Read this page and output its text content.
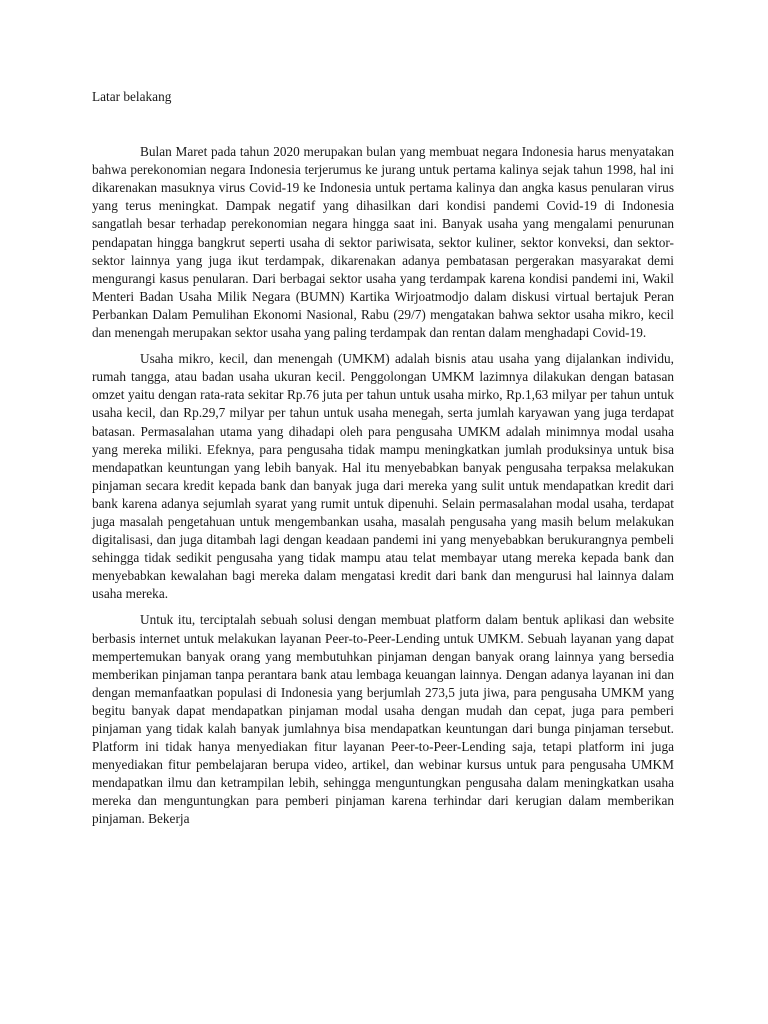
Latar belakang

Bulan Maret pada tahun 2020 merupakan bulan yang membuat negara Indonesia harus menyatakan bahwa perekonomian negara Indonesia terjerumus ke jurang untuk pertama kalinya sejak tahun 1998, hal ini dikarenakan masuknya virus Covid-19 ke Indonesia untuk pertama kalinya dan angka kasus penularan virus yang terus meningkat. Dampak negatif yang dihasilkan dari kondisi pandemi Covid-19 di Indonesia sangatlah besar terhadap perekonomian negara hingga saat ini. Banyak usaha yang mengalami penurunan pendapatan hingga bangkrut seperti usaha di sektor pariwisata, sektor kuliner, sektor konveksi, dan sektor-sektor lainnya yang juga ikut terdampak, dikarenakan adanya pembatasan pergerakan masyarakat demi mengurangi kasus penularan. Dari berbagai sektor usaha yang terdampak karena kondisi pandemi ini, Wakil Menteri Badan Usaha Milik Negara (BUMN) Kartika Wirjoatmodjo dalam diskusi virtual bertajuk Peran Perbankan Dalam Pemulihan Ekonomi Nasional, Rabu (29/7) mengatakan bahwa sektor usaha mikro, kecil dan menengah merupakan sektor usaha yang paling terdampak dan rentan dalam menghadapi Covid-19.

Usaha mikro, kecil, dan menengah (UMKM) adalah bisnis atau usaha yang dijalankan individu, rumah tangga, atau badan usaha ukuran kecil. Penggolongan UMKM lazimnya dilakukan dengan batasan omzet yaitu dengan rata-rata sekitar Rp.76 juta per tahun untuk usaha mirko, Rp.1,63 milyar per tahun untuk usaha kecil, dan Rp.29,7 milyar per tahun untuk usaha menegah, serta jumlah karyawan yang juga terdapat batasan. Permasalahan utama yang dihadapi oleh para pengusaha UMKM adalah minimnya modal usaha yang mereka miliki. Efeknya, para pengusaha tidak mampu meningkatkan jumlah produksinya untuk bisa mendapatkan keuntungan yang lebih banyak. Hal itu menyebabkan banyak pengusaha terpaksa melakukan pinjaman secara kredit kepada bank dan banyak juga dari mereka yang sulit untuk mendapatkan kredit dari bank karena adanya sejumlah syarat yang rumit untuk dipenuhi. Selain permasalahan modal usaha, terdapat juga masalah pengetahuan untuk mengembankan usaha, masalah pengusaha yang masih belum melakukan digitalisasi, dan juga ditambah lagi dengan keadaan pandemi ini yang menyebabkan berukurangnya pembeli sehingga tidak sedikit pengusaha yang tidak mampu atau telat membayar utang mereka kepada bank dan menyebabkan kewalahan bagi mereka dalam mengatasi kredit dari bank dan mengurusi hal lainnya dalam usaha mereka.

Untuk itu, terciptalah sebuah solusi dengan membuat platform dalam bentuk aplikasi dan website berbasis internet untuk melakukan layanan Peer-to-Peer-Lending untuk UMKM. Sebuah layanan yang dapat mempertemukan banyak orang yang membutuhkan pinjaman dengan banyak orang lainnya yang bersedia memberikan pinjaman tanpa perantara bank atau lembaga keuangan lainnya. Dengan adanya layanan ini dan dengan memanfaatkan populasi di Indonesia yang berjumlah 273,5 juta jiwa, para pengusaha UMKM yang begitu banyak dapat mendapatkan pinjaman modal usaha dengan mudah dan cepat, juga para pemberi pinjaman yang tidak kalah banyak jumlahnya bisa mendapatkan keuntungan dari bunga pinjaman tersebut. Platform ini tidak hanya menyediakan fitur layanan Peer-to-Peer-Lending saja, tetapi platform ini juga menyediakan fitur pembelajaran berupa video, artikel, dan webinar kursus untuk para pengusaha UMKM mendapatkan ilmu dan ketrampilan lebih, sehingga menguntungkan pengusaha dalam meningkatkan usaha mereka dan menguntungkan para pemberi pinjaman karena terhindar dari kerugian dalam memberikan pinjaman. Bekerja
